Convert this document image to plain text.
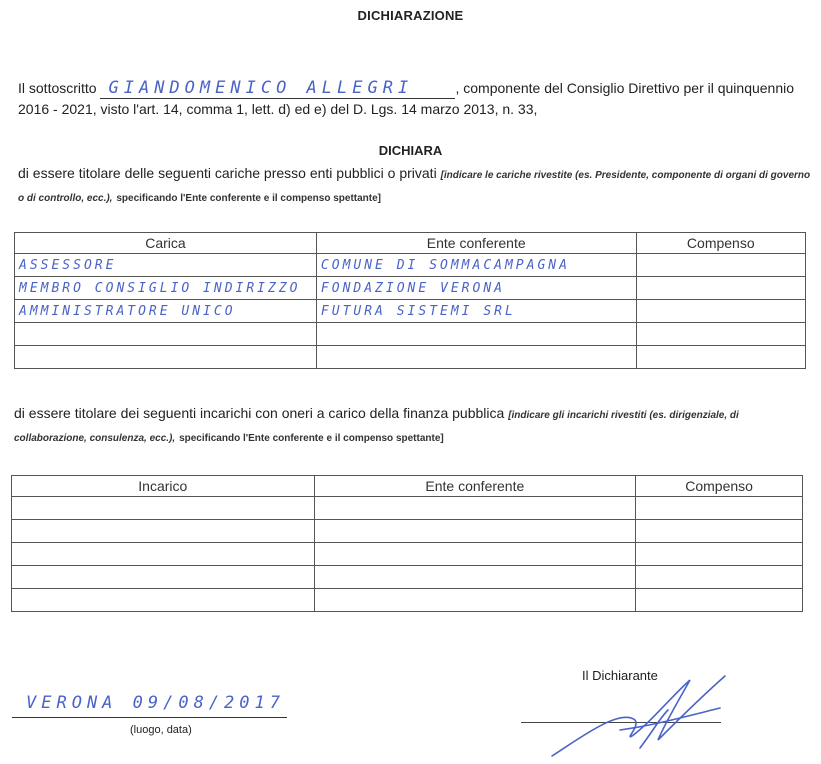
DICHIARAZIONE
Il sottoscritto GIANDOMENICO ALLEGRI	, componente del Consiglio Direttivo per il quinquennio 2016 - 2021, visto l'art. 14, comma 1, lett. d) ed e) del D. Lgs. 14 marzo 2013, n. 33,
DICHIARA
di essere titolare delle seguenti cariche presso enti pubblici o privati [indicare le cariche rivestite (es. Presidente, componente di organi di governo o di controllo, ecc.), specificando l'Ente conferente e il compenso spettante]
Carica	Ente conferente	Compenso
ASSESSORE	COMUNE DI SOMMACAMPAGNA	
MEMBRO CONSIGLIO INDIRIZZO	FONDAZIONE VERONA	
AMMINISTRATORE UNICO	FUTURA SISTEMI SRL	

di essere titolare dei seguenti incarichi con oneri a carico della finanza pubblica [indicare gli incarichi rivestiti (es. dirigenziale, di collaborazione, consulenza, ecc.), specificando l'Ente conferente e il compenso spettante]
Incarico	Ente conferente	Compenso

VERONA 09/08/2017
(luogo, data)
Il Dichiarante
